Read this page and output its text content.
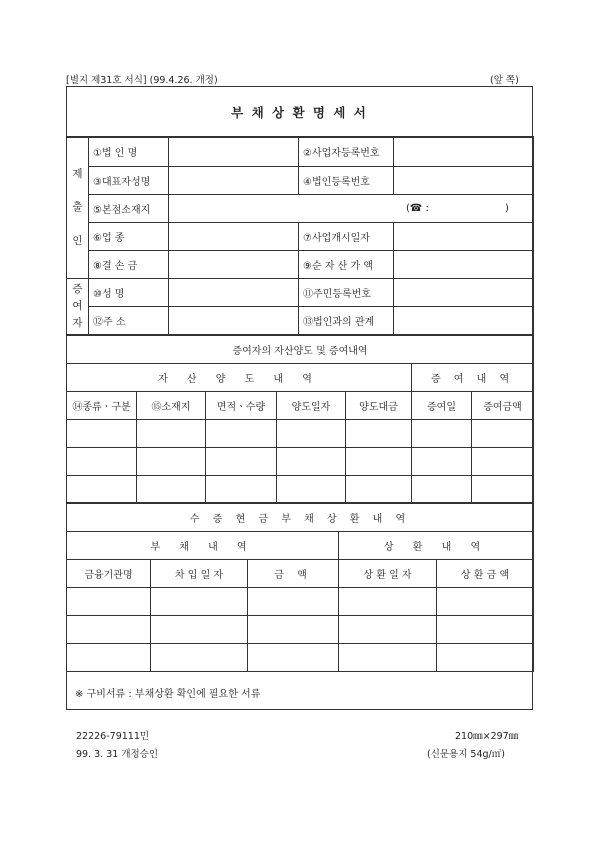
[별지 제31호 서식] (99.4.26. 개정)	(앞 쪽)
부 채 상 환 명 세 서
제

출

인	①법 인 명		②사업자등록번호	
	③대표자성명		④법인등록번호	
	⑤본점소재지	(☎ : )		

	⑥업 종		⑦사업개시일자	
	⑧결 손 금		⑨순 자 산 가 액	
증
여
자	⑩성 명		⑪주민등록번호	
	⑫주 소		⑬법인과의 관계	
증여자의 자산양도 및 증여내역						
자 산 양 도 내 역					증 여 내 역	
⑭종류ㆍ구분	⑮소재지	면적ㆍ수량	양도일자	양도대금	증여일	증여금액

수 증 현 금 부 채 상 환 내 역				
부 채 내 역			상 환 내 역	
금융기관명	차 입 일 자	금 액	상 환 일 자	상 환 금 액

※ 구비서류 : 부채상환 확인에 필요한 서류
22226-79111민
99. 3. 31 개정승인
210㎜×297㎜
(신문용지 54g/㎡)
